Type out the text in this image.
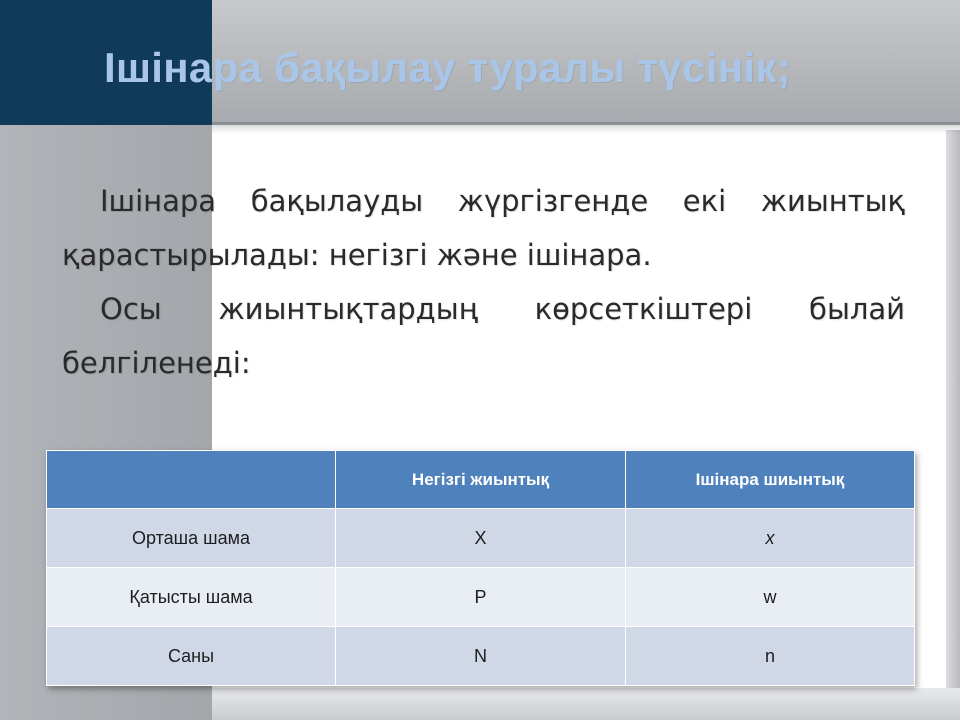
Ішінара бақылау туралы түсінік;

Ішінара бақылауды жүргізгенде екі жиынтық қарастырылады: негізгі және ішінара.

Осы жиынтықтардың көрсеткіштері былай белгіленеді:

	Негізгі жиынтық	Ішінара шиынтық
Орташа шама	X	x
Қатысты шама	P	w
Саны	N	n
